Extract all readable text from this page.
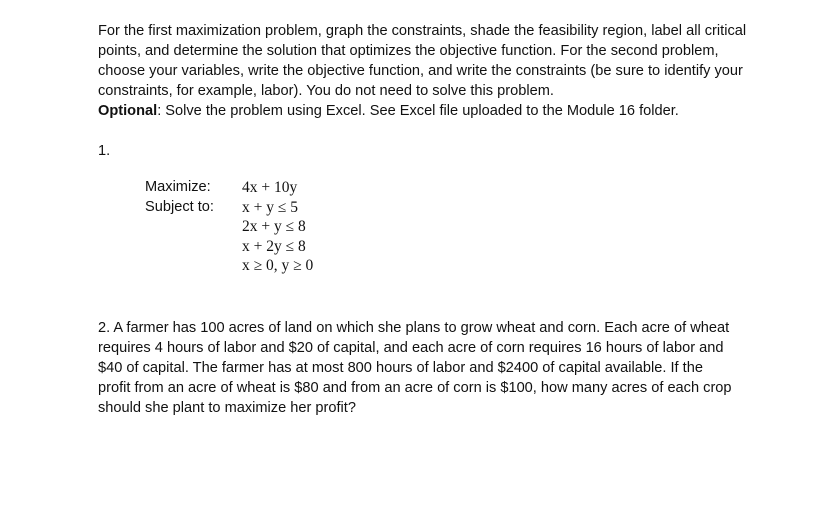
For the first maximization problem, graph the constraints, shade the feasibility region, label all critical points, and determine the solution that optimizes the objective function. For the second problem, choose your variables, write the objective function, and write the constraints (be sure to identify your constraints, for example, labor). You do not need to solve this problem.
Optional: Solve the problem using Excel. See Excel file uploaded to the Module 16 folder.

1.
Maximize:	4x + 10y
Subject to:	x + y ≤ 5
2x + y ≤ 8
x + 2y ≤ 8
x ≥ 0, y ≥ 0

2. A farmer has 100 acres of land on which she plans to grow wheat and corn. Each acre of wheat requires 4 hours of labor and $20 of capital, and each acre of corn requires 16 hours of labor and $40 of capital. The farmer has at most 800 hours of labor and $2400 of capital available. If the profit from an acre of wheat is $80 and from an acre of corn is $100, how many acres of each crop should she plant to maximize her profit?
